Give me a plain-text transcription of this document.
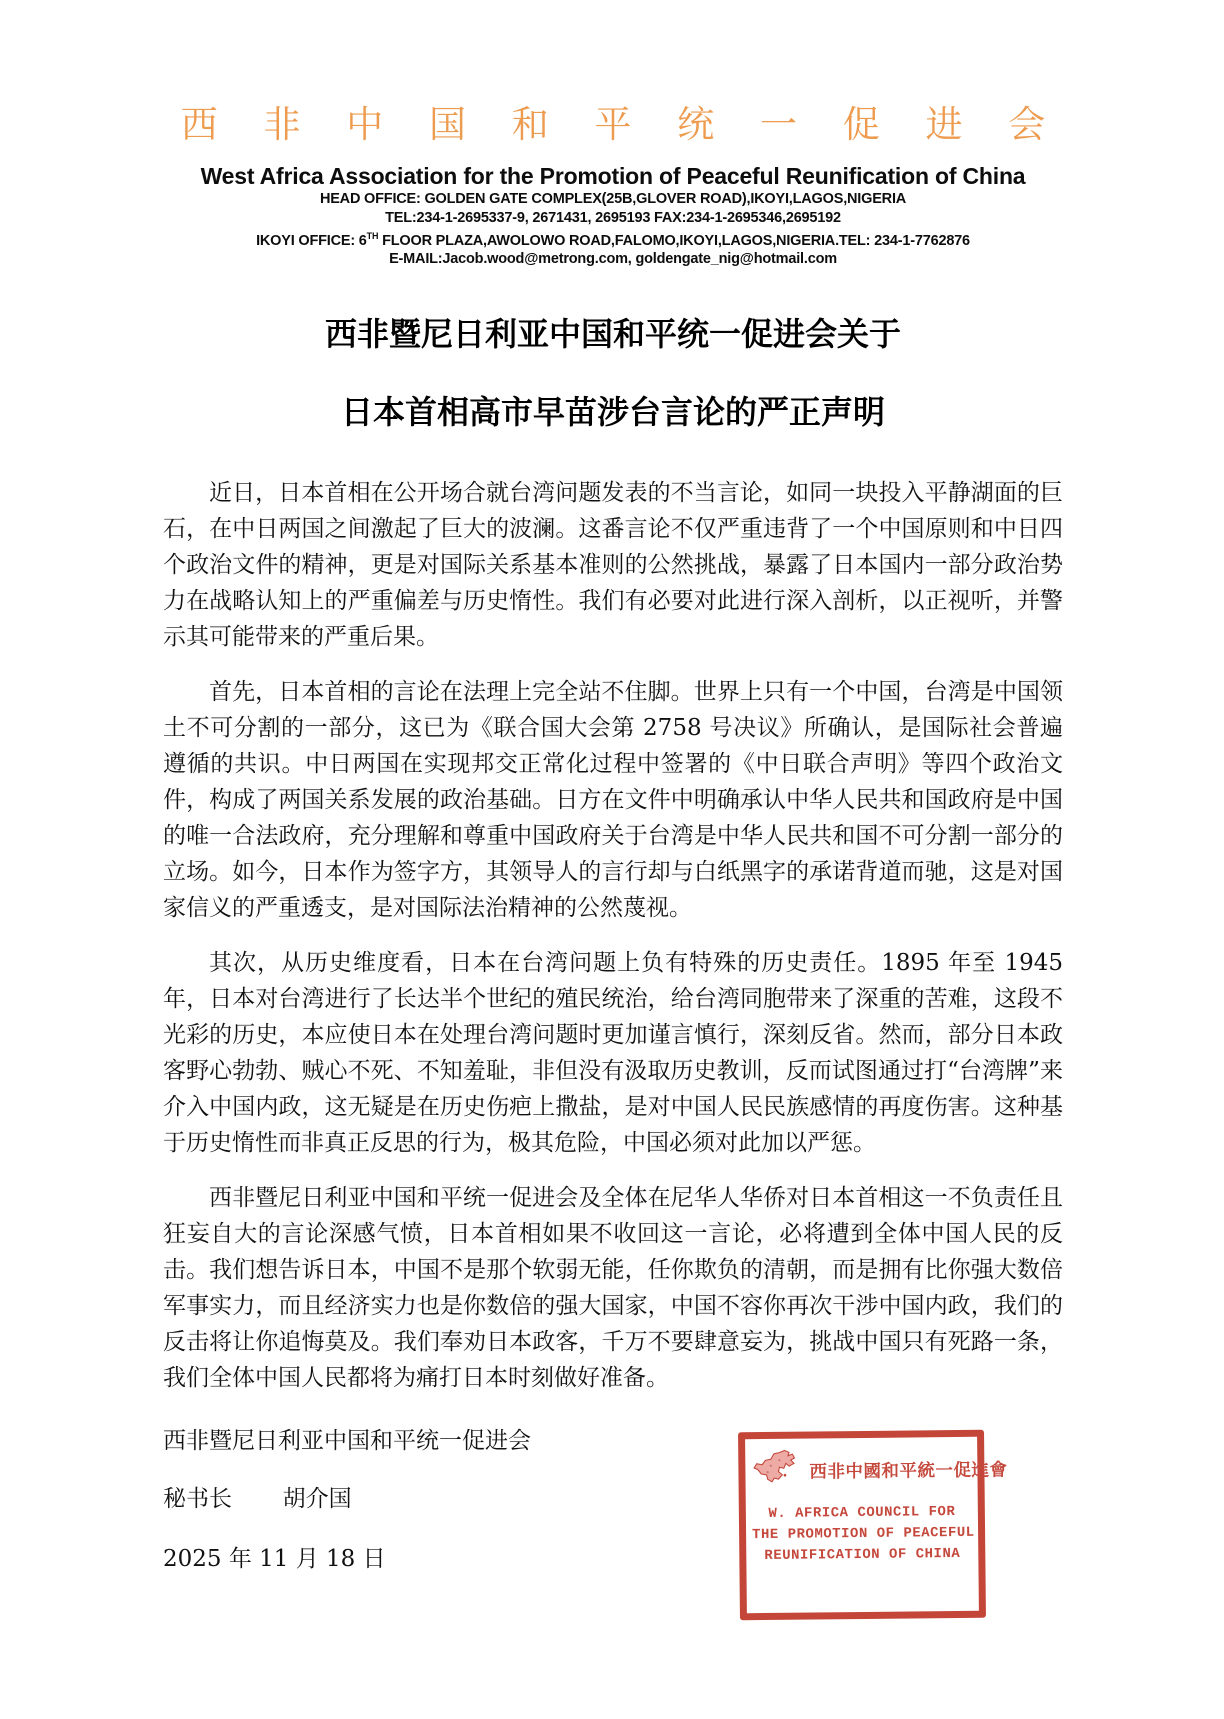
西 非 中 国 和 平 统 一 促 进 会
West Africa Association for the Promotion of Peaceful Reunification of China
HEAD OFFICE: GOLDEN GATE COMPLEX(25B,GLOVER ROAD),IKOYI,LAGOS,NIGERIA
TEL:234-1-2695337-9, 2671431, 2695193 FAX:234-1-2695346,2695192
IKOYI OFFICE: 6TH FLOOR PLAZA,AWOLOWO ROAD,FALOMO,IKOYI,LAGOS,NIGERIA.TEL: 234-1-7762876
E-MAIL:Jacob.wood@metrong.com, goldengate_nig@hotmail.com
西非暨尼日利亚中国和平统一促进会关于
日本首相高市早苗涉台言论的严正声明

近日，日本首相在公开场合就台湾问题发表的不当言论，如同一块投入平静湖面的巨石，在中日两国之间激起了巨大的波澜。这番言论不仅严重违背了一个中国原则和中日四个政治文件的精神，更是对国际关系基本准则的公然挑战，暴露了日本国内一部分政治势力在战略认知上的严重偏差与历史惰性。我们有必要对此进行深入剖析，以正视听，并警示其可能带来的严重后果。

首先，日本首相的言论在法理上完全站不住脚。世界上只有一个中国，台湾是中国领土不可分割的一部分，这已为《联合国大会第 2758 号决议》所确认，是国际社会普遍遵循的共识。中日两国在实现邦交正常化过程中签署的《中日联合声明》等四个政治文件，构成了两国关系发展的政治基础。日方在文件中明确承认中华人民共和国政府是中国的唯一合法政府，充分理解和尊重中国政府关于台湾是中华人民共和国不可分割一部分的立场。如今，日本作为签字方，其领导人的言行却与白纸黑字的承诺背道而驰，这是对国家信义的严重透支，是对国际法治精神的公然蔑视。

其次，从历史维度看，日本在台湾问题上负有特殊的历史责任。1895 年至 1945 年，日本对台湾进行了长达半个世纪的殖民统治，给台湾同胞带来了深重的苦难，这段不光彩的历史，本应使日本在处理台湾问题时更加谨言慎行，深刻反省。然而，部分日本政客野心勃勃、贼心不死、不知羞耻，非但没有汲取历史教训，反而试图通过打“台湾牌”来介入中国内政，这无疑是在历史伤疤上撒盐，是对中国人民民族感情的再度伤害。这种基于历史惰性而非真正反思的行为，极其危险，中国必须对此加以严惩。

西非暨尼日利亚中国和平统一促进会及全体在尼华人华侨对日本首相这一不负责任且狂妄自大的言论深感气愤，日本首相如果不收回这一言论，必将遭到全体中国人民的反击。我们想告诉日本，中国不是那个软弱无能，任你欺负的清朝，而是拥有比你强大数倍军事实力，而且经济实力也是你数倍的强大国家，中国不容你再次干涉中国内政，我们的反击将让你追悔莫及。我们奉劝日本政客，千万不要肆意妄为，挑战中国只有死路一条，我们全体中国人民都将为痛打日本时刻做好准备。

西非暨尼日利亚中国和平统一促进会

秘书长 胡介国

2025 年 11 月 18 日

西非中國和平統一促進會
W. AFRICA COUNCIL FOR
THE PROMOTION OF PEACEFUL
REUNIFICATION OF CHINA
